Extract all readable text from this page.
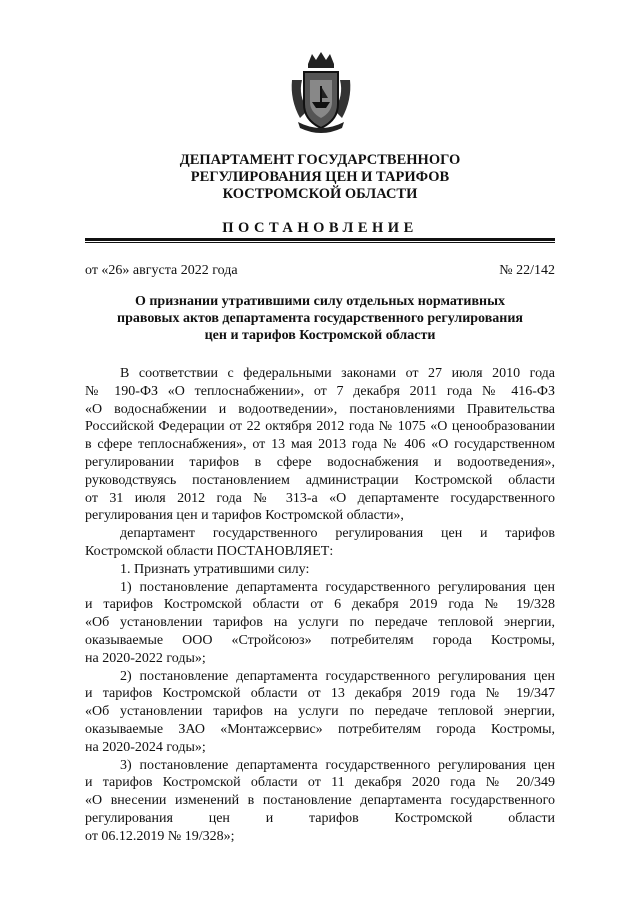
ДЕПАРТАМЕНТ ГОСУДАРСТВЕННОГО
РЕГУЛИРОВАНИЯ ЦЕН И ТАРИФОВ
КОСТРОМСКОЙ ОБЛАСТИ
ПОСТАНОВЛЕНИЕ
от «26» августа 2022 года	№ 22/142
О признании утратившими силу отдельных нормативных
правовых актов департамента государственного регулирования
цен и тарифов Костромской области
В соответствии с федеральными законами от 27 июля 2010 года
№ 190-ФЗ «О теплоснабжении», от 7 декабря 2011 года № 416-ФЗ
«О водоснабжении и водоотведении», постановлениями Правительства
Российской Федерации от 22 октября 2012 года № 1075 «О ценообразовании
в сфере теплоснабжения», от 13 мая 2013 года № 406 «О государственном
регулировании тарифов в сфере водоснабжения и водоотведения»,
руководствуясь постановлением администрации Костромской области
от 31 июля 2012 года № 313-а «О департаменте государственного
регулирования цен и тарифов Костромской области»,
департамент государственного регулирования цен и тарифов
Костромской области ПОСТАНОВЛЯЕТ:
1. Признать утратившими силу:
1) постановление департамента государственного регулирования цен
и тарифов Костромской области от 6 декабря 2019 года № 19/328
«Об установлении тарифов на услуги по передаче тепловой энергии,
оказываемые ООО «Стройсоюз» потребителям города Костромы,
на 2020-2022 годы»;
2) постановление департамента государственного регулирования цен
и тарифов Костромской области от 13 декабря 2019 года № 19/347
«Об установлении тарифов на услуги по передаче тепловой энергии,
оказываемые ЗАО «Монтажсервис» потребителям города Костромы,
на 2020-2024 годы»;
3) постановление департамента государственного регулирования цен
и тарифов Костромской области от 11 декабря 2020 года № 20/349
«О внесении изменений в постановление департамента государственного
регулирования цен и тарифов Костромской области
от 06.12.2019 № 19/328»;
